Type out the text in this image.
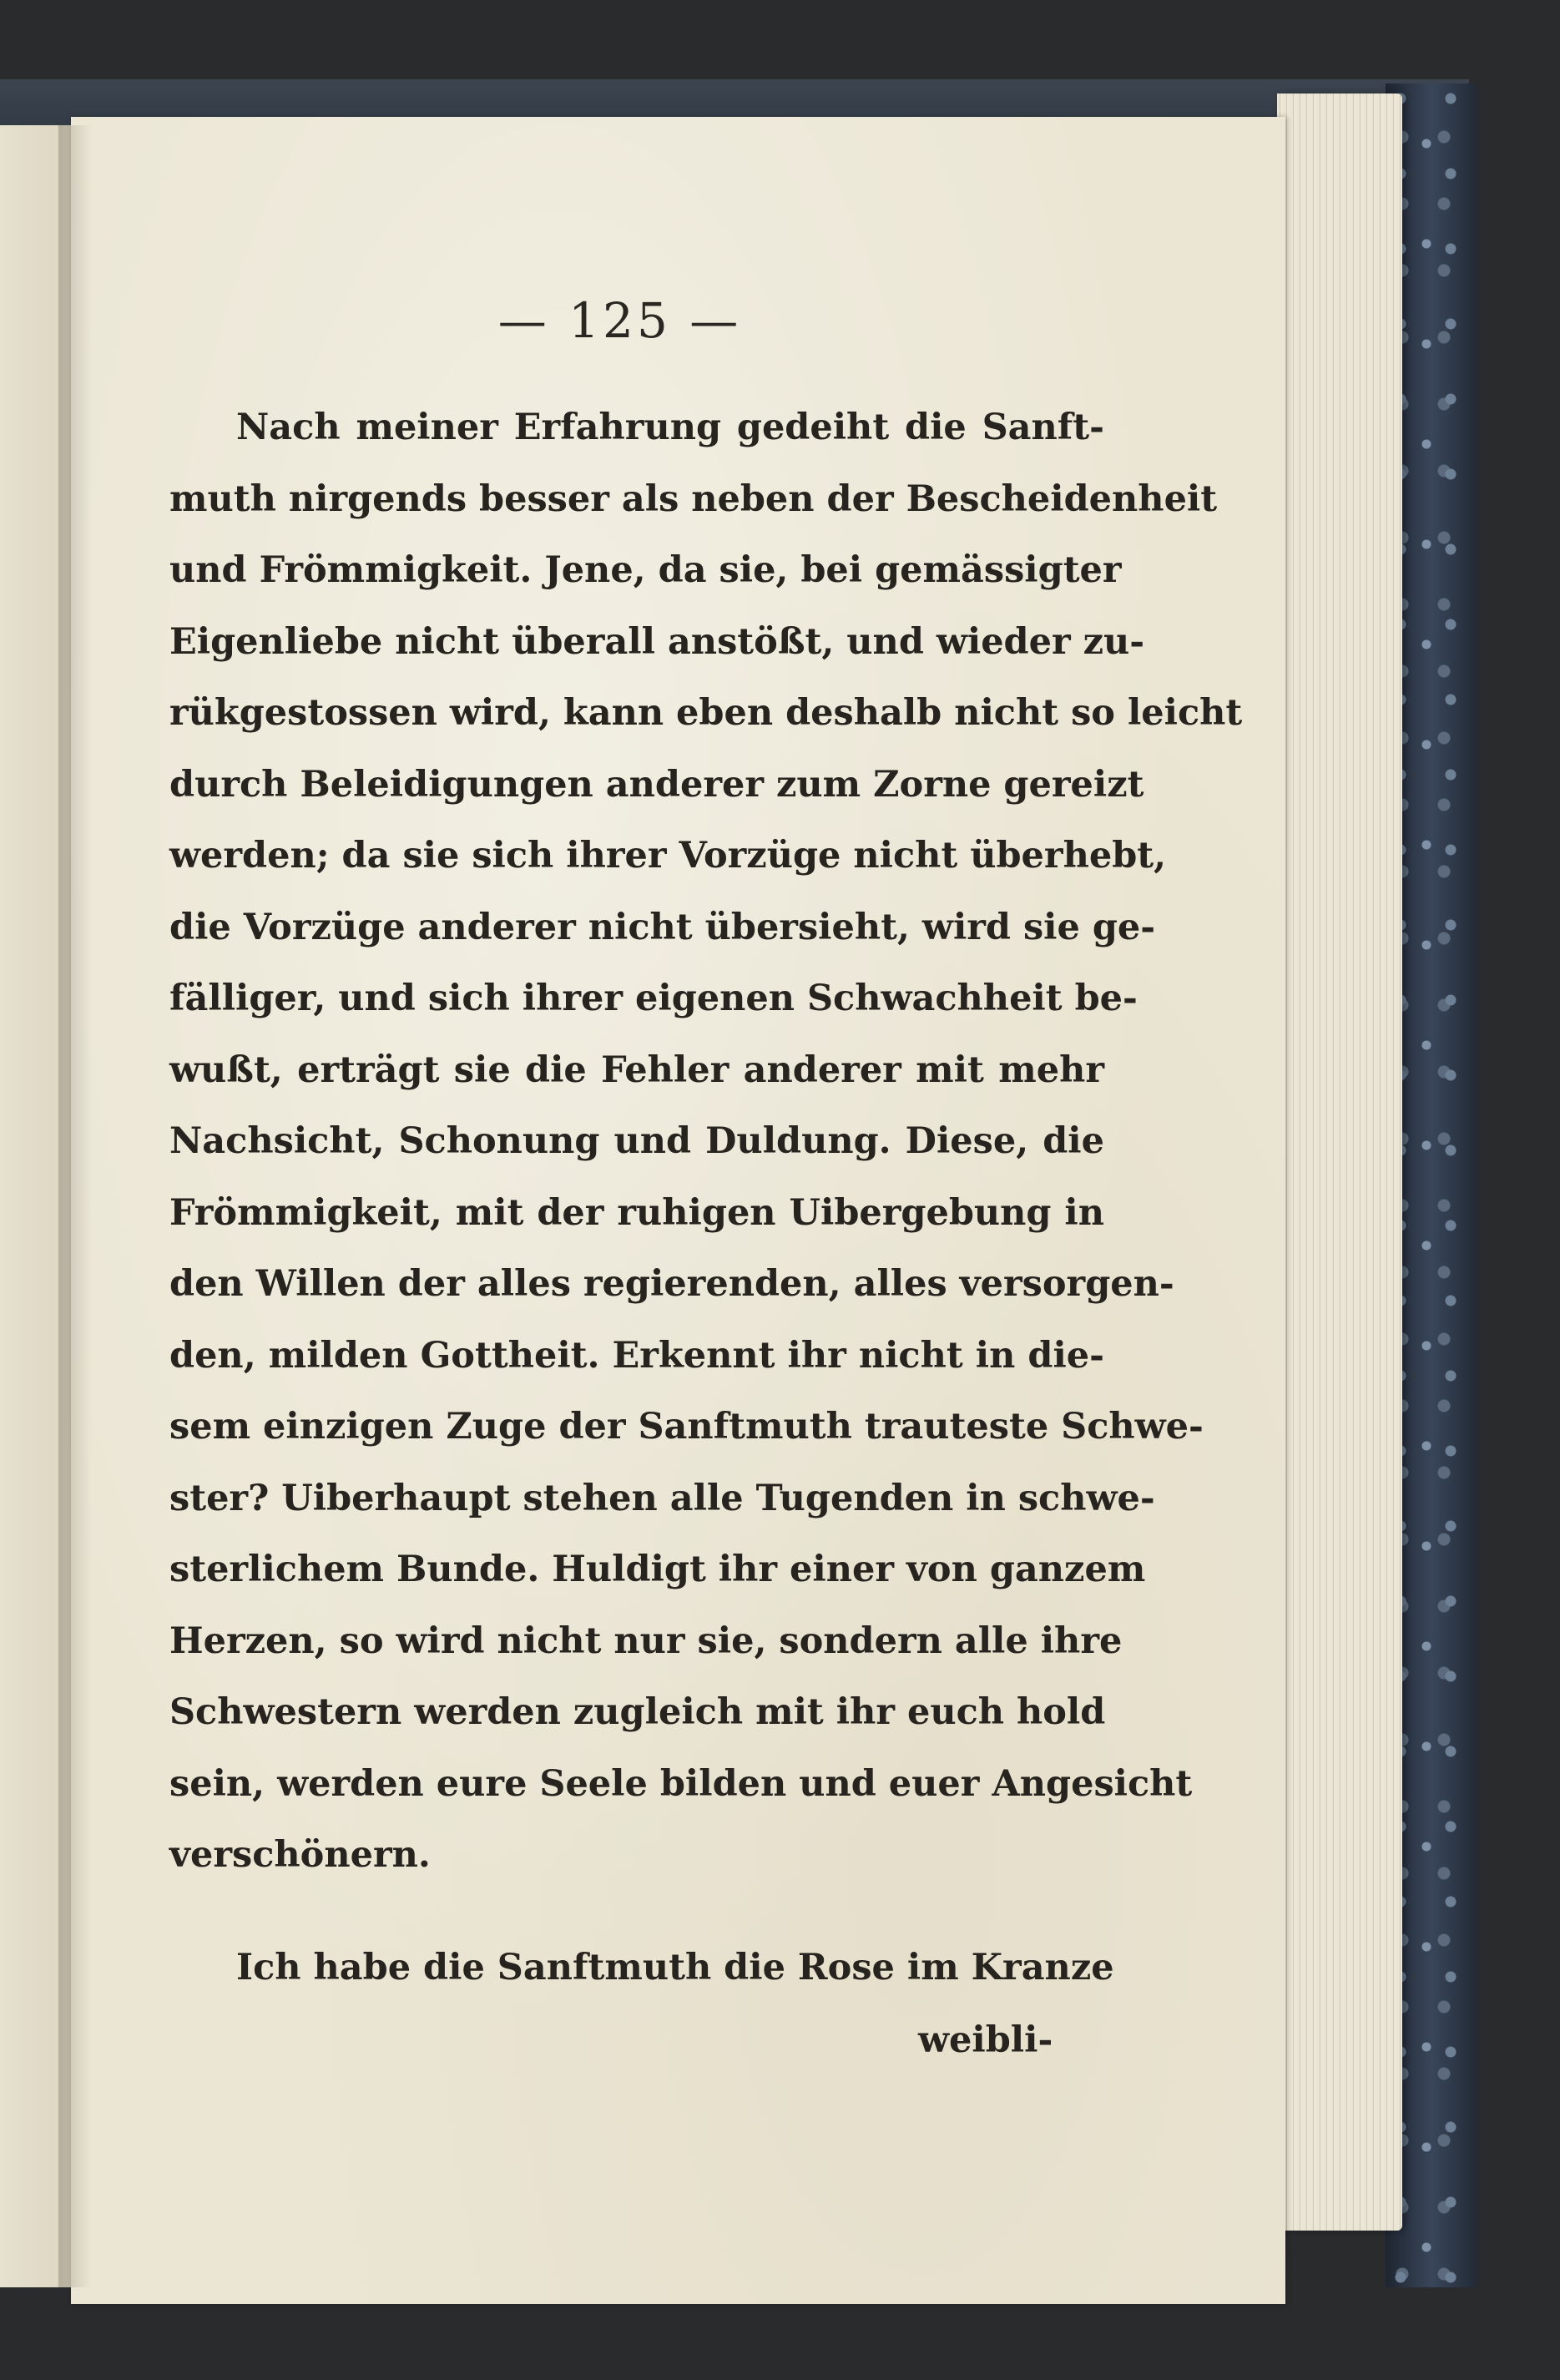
— 125 —
Nach meiner Erfahrung gedeiht die Sanft-
muth nirgends besser als neben der Bescheidenheit
und Frömmigkeit. Jene, da sie, bei gemässigter
Eigenliebe nicht überall anstößt, und wieder zu-
rükgestossen wird, kann eben deshalb nicht so leicht
durch Beleidigungen anderer zum Zorne gereizt
werden; da sie sich ihrer Vorzüge nicht überhebt,
die Vorzüge anderer nicht übersieht, wird sie ge-
fälliger, und sich ihrer eigenen Schwachheit be-
wußt, erträgt sie die Fehler anderer mit mehr
Nachsicht, Schonung und Duldung. Diese, die
Frömmigkeit, mit der ruhigen Uibergebung in
den Willen der alles regierenden, alles versorgen-
den, milden Gottheit. Erkennt ihr nicht in die-
sem einzigen Zuge der Sanftmuth trauteste Schwe-
ster? Uiberhaupt stehen alle Tugenden in schwe-
sterlichem Bunde. Huldigt ihr einer von ganzem
Herzen, so wird nicht nur sie, sondern alle ihre
Schwestern werden zugleich mit ihr euch hold
sein, werden eure Seele bilden und euer Angesicht
verschönern.
Ich habe die Sanftmuth die Rose im Kranze
weibli-
